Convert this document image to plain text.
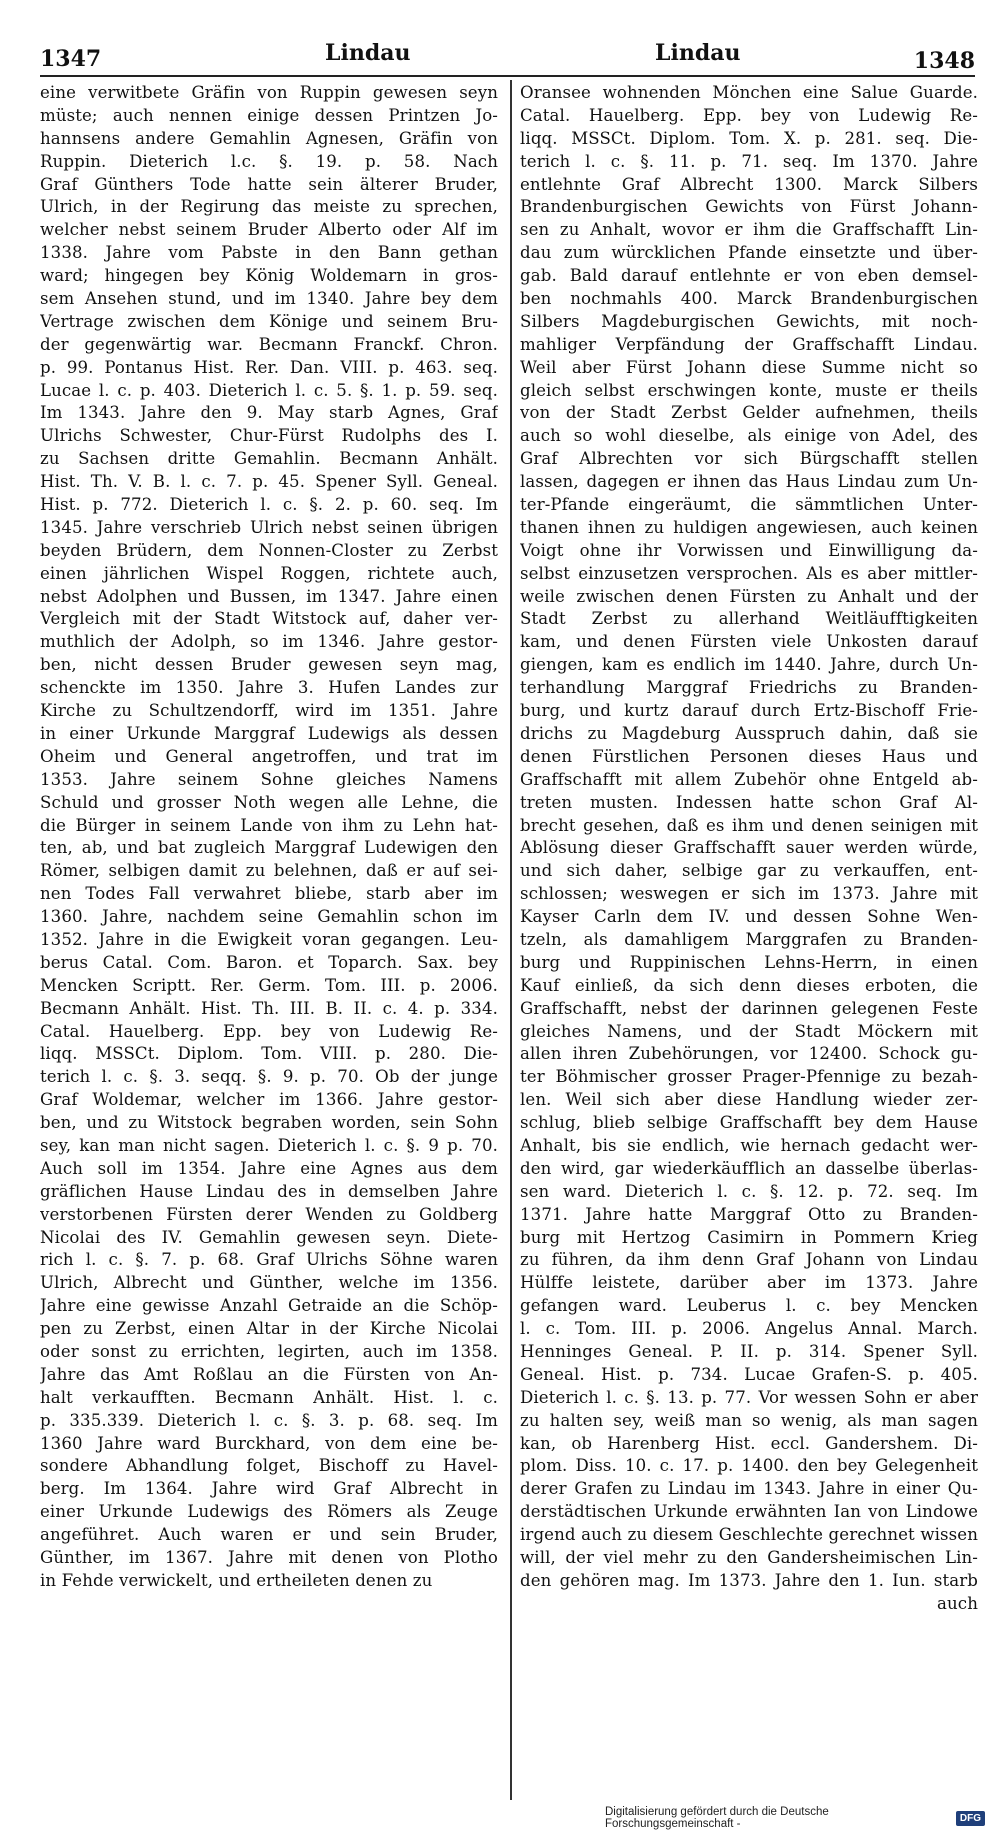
1347	Lindau	Lindau	1348
eine verwitbete Gräfin von Ruppin gewesen seyn
müste; auch nennen einige dessen Printzen Jo-
hannsens andere Gemahlin Agnesen, Gräfin von
Ruppin. Dieterich l.c. §. 19. p. 58. Nach
Graf Günthers Tode hatte sein älterer Bruder,
Ulrich, in der Regirung das meiste zu sprechen,
welcher nebst seinem Bruder Alberto oder Alf im
1338. Jahre vom Pabste in den Bann gethan
ward; hingegen bey König Woldemarn in gros-
sem Ansehen stund, und im 1340. Jahre bey dem
Vertrage zwischen dem Könige und seinem Bru-
der gegenwärtig war. Becmann Franckf. Chron.
p. 99. Pontanus Hist. Rer. Dan. VIII. p. 463. seq.
Lucae l. c. p. 403. Dieterich l. c. 5. §. 1. p. 59. seq.
Im 1343. Jahre den 9. May starb Agnes, Graf
Ulrichs Schwester, Chur-Fürst Rudolphs des I.
zu Sachsen dritte Gemahlin. Becmann Anhält.
Hist. Th. V. B. l. c. 7. p. 45. Spener Syll. Geneal.
Hist. p. 772. Dieterich l. c. §. 2. p. 60. seq. Im
1345. Jahre verschrieb Ulrich nebst seinen übrigen
beyden Brüdern, dem Nonnen-Closter zu Zerbst
einen jährlichen Wispel Roggen, richtete auch,
nebst Adolphen und Bussen, im 1347. Jahre einen
Vergleich mit der Stadt Witstock auf, daher ver-
muthlich der Adolph, so im 1346. Jahre gestor-
ben, nicht dessen Bruder gewesen seyn mag,
schenckte im 1350. Jahre 3. Hufen Landes zur
Kirche zu Schultzendorff, wird im 1351. Jahre
in einer Urkunde Marggraf Ludewigs als dessen
Oheim und General angetroffen, und trat im
1353. Jahre seinem Sohne gleiches Namens
Schuld und grosser Noth wegen alle Lehne, die
die Bürger in seinem Lande von ihm zu Lehn hat-
ten, ab, und bat zugleich Marggraf Ludewigen den
Römer, selbigen damit zu belehnen, daß er auf sei-
nen Todes Fall verwahret bliebe, starb aber im
1360. Jahre, nachdem seine Gemahlin schon im
1352. Jahre in die Ewigkeit voran gegangen. Leu-
berus Catal. Com. Baron. et Toparch. Sax. bey
Mencken Scriptt. Rer. Germ. Tom. III. p. 2006.
Becmann Anhält. Hist. Th. III. B. II. c. 4. p. 334.
Catal. Hauelberg. Epp. bey von Ludewig Re-
liqq. MSSCt. Diplom. Tom. VIII. p. 280. Die-
terich l. c. §. 3. seqq. §. 9. p. 70. Ob der junge
Graf Woldemar, welcher im 1366. Jahre gestor-
ben, und zu Witstock begraben worden, sein Sohn
sey, kan man nicht sagen. Dieterich l. c. §. 9 p. 70.
Auch soll im 1354. Jahre eine Agnes aus dem
gräflichen Hause Lindau des in demselben Jahre
verstorbenen Fürsten derer Wenden zu Goldberg
Nicolai des IV. Gemahlin gewesen seyn. Diete-
rich l. c. §. 7. p. 68. Graf Ulrichs Söhne waren
Ulrich, Albrecht und Günther, welche im 1356.
Jahre eine gewisse Anzahl Getraide an die Schöp-
pen zu Zerbst, einen Altar in der Kirche Nicolai
oder sonst zu errichten, legirten, auch im 1358.
Jahre das Amt Roßlau an die Fürsten von An-
halt verkaufften. Becmann Anhält. Hist. l. c.
p. 335.339. Dieterich l. c. §. 3. p. 68. seq. Im
1360 Jahre ward Burckhard, von dem eine be-
sondere Abhandlung folget, Bischoff zu Havel-
berg. Im 1364. Jahre wird Graf Albrecht in
einer Urkunde Ludewigs des Römers als Zeuge
angeführet. Auch waren er und sein Bruder,
Günther, im 1367. Jahre mit denen von Plotho
in Fehde verwickelt, und ertheileten denen zu
Oransee wohnenden Mönchen eine Salue Guarde.
Catal. Hauelberg. Epp. bey von Ludewig Re-
liqq. MSSCt. Diplom. Tom. X. p. 281. seq. Die-
terich l. c. §. 11. p. 71. seq. Im 1370. Jahre
entlehnte Graf Albrecht 1300. Marck Silbers
Brandenburgischen Gewichts von Fürst Johann-
sen zu Anhalt, wovor er ihm die Graffschafft Lin-
dau zum würcklichen Pfande einsetzte und über-
gab. Bald darauf entlehnte er von eben demsel-
ben nochmahls 400. Marck Brandenburgischen
Silbers Magdeburgischen Gewichts, mit noch-
mahliger Verpfändung der Graffschafft Lindau.
Weil aber Fürst Johann diese Summe nicht so
gleich selbst erschwingen konte, muste er theils
von der Stadt Zerbst Gelder aufnehmen, theils
auch so wohl dieselbe, als einige von Adel, des
Graf Albrechten vor sich Bürgschafft stellen
lassen, dagegen er ihnen das Haus Lindau zum Un-
ter-Pfande eingeräumt, die sämmtlichen Unter-
thanen ihnen zu huldigen angewiesen, auch keinen
Voigt ohne ihr Vorwissen und Einwilligung da-
selbst einzusetzen versprochen. Als es aber mittler-
weile zwischen denen Fürsten zu Anhalt und der
Stadt Zerbst zu allerhand Weitläufftigkeiten
kam, und denen Fürsten viele Unkosten darauf
giengen, kam es endlich im 1440. Jahre, durch Un-
terhandlung Marggraf Friedrichs zu Branden-
burg, und kurtz darauf durch Ertz-Bischoff Frie-
drichs zu Magdeburg Ausspruch dahin, daß sie
denen Fürstlichen Personen dieses Haus und
Graffschafft mit allem Zubehör ohne Entgeld ab-
treten musten. Indessen hatte schon Graf Al-
brecht gesehen, daß es ihm und denen seinigen mit
Ablösung dieser Graffschafft sauer werden würde,
und sich daher, selbige gar zu verkauffen, ent-
schlossen; weswegen er sich im 1373. Jahre mit
Kayser Carln dem IV. und dessen Sohne Wen-
tzeln, als damahligem Marggrafen zu Branden-
burg und Ruppinischen Lehns-Herrn, in einen
Kauf einließ, da sich denn dieses erboten, die
Graffschafft, nebst der darinnen gelegenen Feste
gleiches Namens, und der Stadt Möckern mit
allen ihren Zubehörungen, vor 12400. Schock gu-
ter Böhmischer grosser Prager-Pfennige zu bezah-
len. Weil sich aber diese Handlung wieder zer-
schlug, blieb selbige Graffschafft bey dem Hause
Anhalt, bis sie endlich, wie hernach gedacht wer-
den wird, gar wiederkäufflich an dasselbe überlas-
sen ward. Dieterich l. c. §. 12. p. 72. seq. Im
1371. Jahre hatte Marggraf Otto zu Branden-
burg mit Hertzog Casimirn in Pommern Krieg
zu führen, da ihm denn Graf Johann von Lindau
Hülffe leistete, darüber aber im 1373. Jahre
gefangen ward. Leuberus l. c. bey Mencken
l. c. Tom. III. p. 2006. Angelus Annal. March.
Henninges Geneal. P. II. p. 314. Spener Syll.
Geneal. Hist. p. 734. Lucae Grafen-S. p. 405.
Dieterich l. c. §. 13. p. 77. Vor wessen Sohn er aber
zu halten sey, weiß man so wenig, als man sagen
kan, ob Harenberg Hist. eccl. Gandershem. Di-
plom. Diss. 10. c. 17. p. 1400. den bey Gelegenheit
derer Grafen zu Lindau im 1343. Jahre in einer Qu-
derstädtischen Urkunde erwähnten Ian von Lindowe
irgend auch zu diesem Geschlechte gerechnet wissen
will, der viel mehr zu den Gandersheimischen Lin-
den gehören mag. Im 1373. Jahre den 1. Iun. starb
auch
Digitalisierung gefördert durch die Deutsche Forschungsgemeinschaft -	DFG
